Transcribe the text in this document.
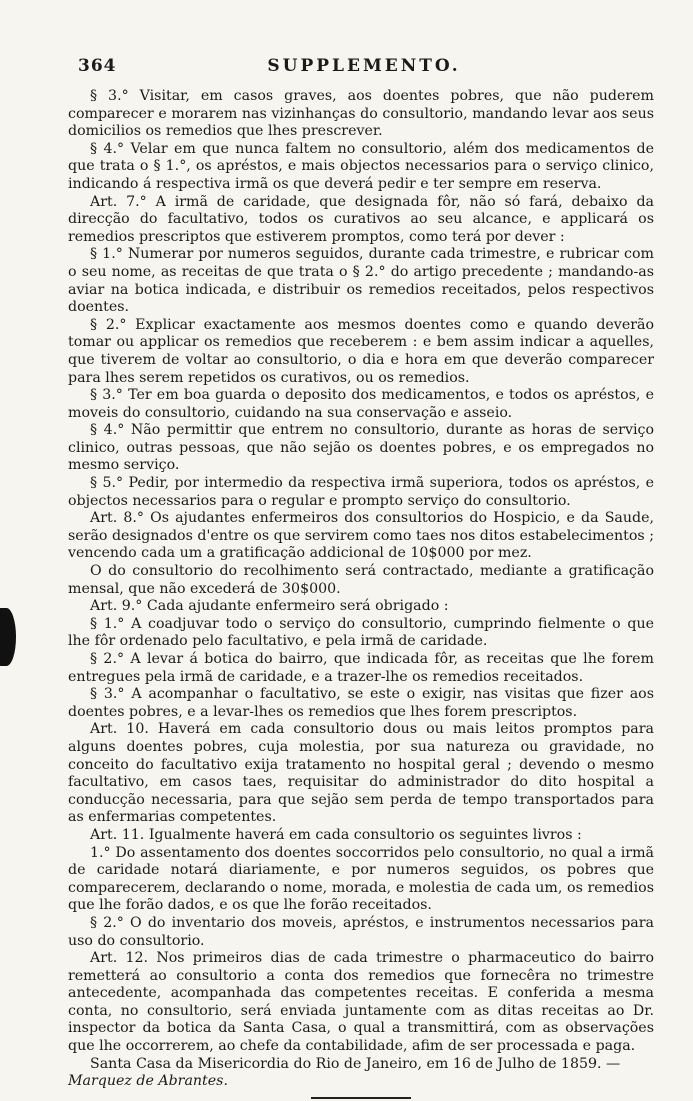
364	SUPPLEMENTO.

§ 3.° Visitar, em casos graves, aos doentes pobres, que não puderem comparecer e morarem nas vizinhanças do consultorio, mandando levar aos seus domicilios os remedios que lhes prescrever.

§ 4.° Velar em que nunca faltem no consultorio, além dos medicamentos de que trata o § 1.°, os apréstos, e mais objectos necessarios para o serviço clinico, indicando á respectiva irmã os que deverá pedir e ter sempre em reserva.

Art. 7.° A irmã de caridade, que designada fôr, não só fará, debaixo da direcção do facultativo, todos os curativos ao seu alcance, e applicará os remedios prescriptos que estiverem promptos, como terá por dever :

§ 1.° Numerar por numeros seguidos, durante cada trimestre, e rubricar com o seu nome, as receitas de que trata o § 2.° do artigo precedente ; mandando-as aviar na botica indicada, e distribuir os remedios receitados, pelos respectivos doentes.

§ 2.° Explicar exactamente aos mesmos doentes como e quando deverão tomar ou applicar os remedios que receberem : e bem assim indicar a aquelles, que tiverem de voltar ao consultorio, o dia e hora em que deverão comparecer para lhes serem repetidos os curativos, ou os remedios.

§ 3.° Ter em boa guarda o deposito dos medicamentos, e todos os apréstos, e moveis do consultorio, cuidando na sua conservação e asseio.

§ 4.° Não permittir que entrem no consultorio, durante as horas de serviço clinico, outras pessoas, que não sejão os doentes pobres, e os empregados no mesmo serviço.

§ 5.° Pedir, por intermedio da respectiva irmã superiora, todos os apréstos, e objectos necessarios para o regular e prompto serviço do consultorio.

Art. 8.° Os ajudantes enfermeiros dos consultorios do Hospicio, e da Saude, serão designados d'entre os que servirem como taes nos ditos estabelecimentos ; vencendo cada um a gratificação addicional de 10$000 por mez.

O do consultorio do recolhimento será contractado, mediante a gratificação mensal, que não excederá de 30$000.

Art. 9.° Cada ajudante enfermeiro será obrigado :

§ 1.° A coadjuvar todo o serviço do consultorio, cumprindo fielmente o que lhe fôr ordenado pelo facultativo, e pela irmã de caridade.

§ 2.° A levar á botica do bairro, que indicada fôr, as receitas que lhe forem entregues pela irmã de caridade, e a trazer-lhe os remedios receitados.

§ 3.° A acompanhar o facultativo, se este o exigir, nas visitas que fizer aos doentes pobres, e a levar-lhes os remedios que lhes forem prescriptos.

Art. 10. Haverá em cada consultorio dous ou mais leitos promptos para alguns doentes pobres, cuja molestia, por sua natureza ou gravidade, no conceito do facultativo exija tratamento no hospital geral ; devendo o mesmo facultativo, em casos taes, requisitar do administrador do dito hospital a conducção necessaria, para que sejão sem perda de tempo transportados para as enfermarias competentes.

Art. 11. Igualmente haverá em cada consultorio os seguintes livros :

1.° Do assentamento dos doentes soccorridos pelo consultorio, no qual a irmã de caridade notará diariamente, e por numeros seguidos, os pobres que comparecerem, declarando o nome, morada, e molestia de cada um, os remedios que lhe forão dados, e os que lhe forão receitados.

§ 2.° O do inventario dos moveis, apréstos, e instrumentos necessarios para uso do consultorio.

Art. 12. Nos primeiros dias de cada trimestre o pharmaceutico do bairro remetterá ao consultorio a conta dos remedios que fornecêra no trimestre antecedente, acompanhada das competentes receitas. E conferida a mesma conta, no consultorio, será enviada juntamente com as ditas receitas ao Dr. inspector da botica da Santa Casa, o qual a transmittirá, com as observações que lhe occorrerem, ao chefe da contabilidade, afim de ser processada e paga.

Santa Casa da Misericordia do Rio de Janeiro, em 16 de Julho de 1859. —

Marquez de Abrantes.
